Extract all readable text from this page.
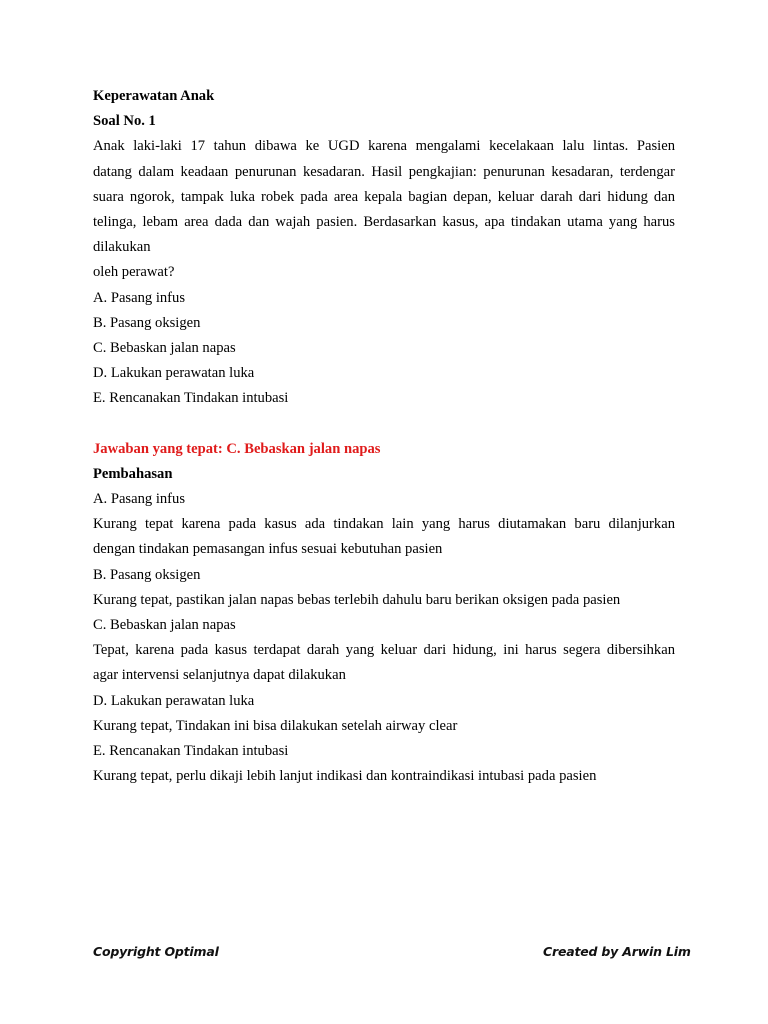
Keperawatan Anak

Soal No. 1

Anak laki-laki 17 tahun dibawa ke UGD karena mengalami kecelakaan lalu lintas. Pasien

datang dalam keadaan penurunan kesadaran. Hasil pengkajian: penurunan kesadaran, terdengar

suara ngorok, tampak luka robek pada area kepala bagian depan, keluar darah dari hidung dan

telinga, lebam area dada dan wajah pasien. Berdasarkan kasus, apa tindakan utama yang harus

dilakukan

oleh perawat?

A. Pasang infus

B. Pasang oksigen

C. Bebaskan jalan napas

D. Lakukan perawatan luka

E. Rencanakan Tindakan intubasi

Jawaban yang tepat: C. Bebaskan jalan napas

Pembahasan

A. Pasang infus

Kurang tepat karena pada kasus ada tindakan lain yang harus diutamakan baru dilanjurkan

dengan tindakan pemasangan infus sesuai kebutuhan pasien

B. Pasang oksigen

Kurang tepat, pastikan jalan napas bebas terlebih dahulu baru berikan oksigen pada pasien

C. Bebaskan jalan napas

Tepat, karena pada kasus terdapat darah yang keluar dari hidung, ini harus segera dibersihkan

agar intervensi selanjutnya dapat dilakukan

D. Lakukan perawatan luka

Kurang tepat, Tindakan ini bisa dilakukan setelah airway clear

E. Rencanakan Tindakan intubasi

Kurang tepat, perlu dikaji lebih lanjut indikasi dan kontraindikasi intubasi pada pasien

Copyright Optimal	Created by Arwin Lim
